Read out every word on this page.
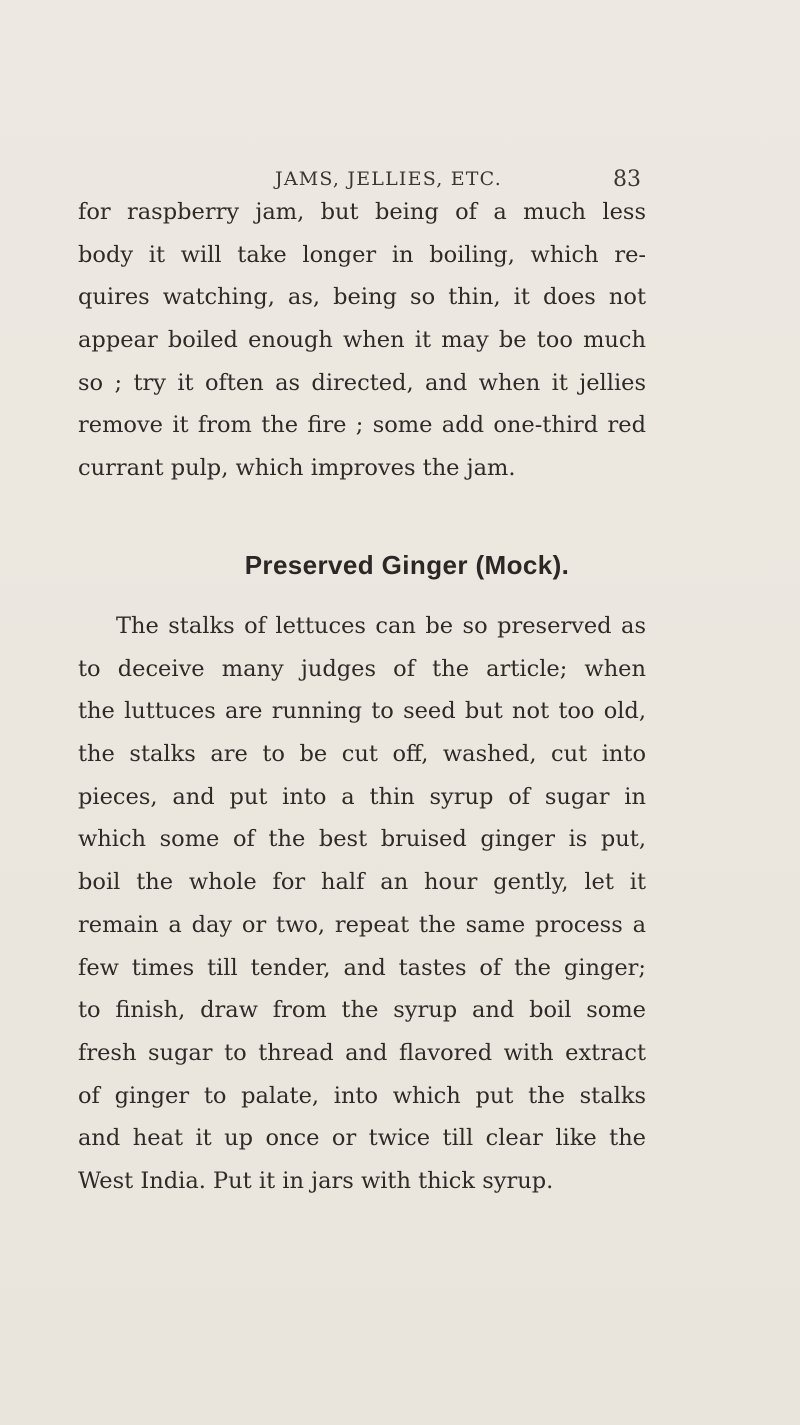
JAMS, JELLIES, ETC.	83
for raspberry jam, but being of a much less
body it will take longer in boiling, which re-
quires watching, as, being so thin, it does not
appear boiled enough when it may be too much
so ; try it often as directed, and when it jellies
remove it from the fire ; some add one-third red
currant pulp, which improves the jam.
Preserved Ginger (Mock).
The stalks of lettuces can be so preserved as
to deceive many judges of the article; when
the luttuces are running to seed but not too old,
the stalks are to be cut off, washed, cut into
pieces, and put into a thin syrup of sugar in
which some of the best bruised ginger is put,
boil the whole for half an hour gently, let it
remain a day or two, repeat the same process a
few times till tender, and tastes of the ginger;
to finish, draw from the syrup and boil some
fresh sugar to thread and flavored with extract
of ginger to palate, into which put the stalks
and heat it up once or twice till clear like the
West India. Put it in jars with thick syrup.
